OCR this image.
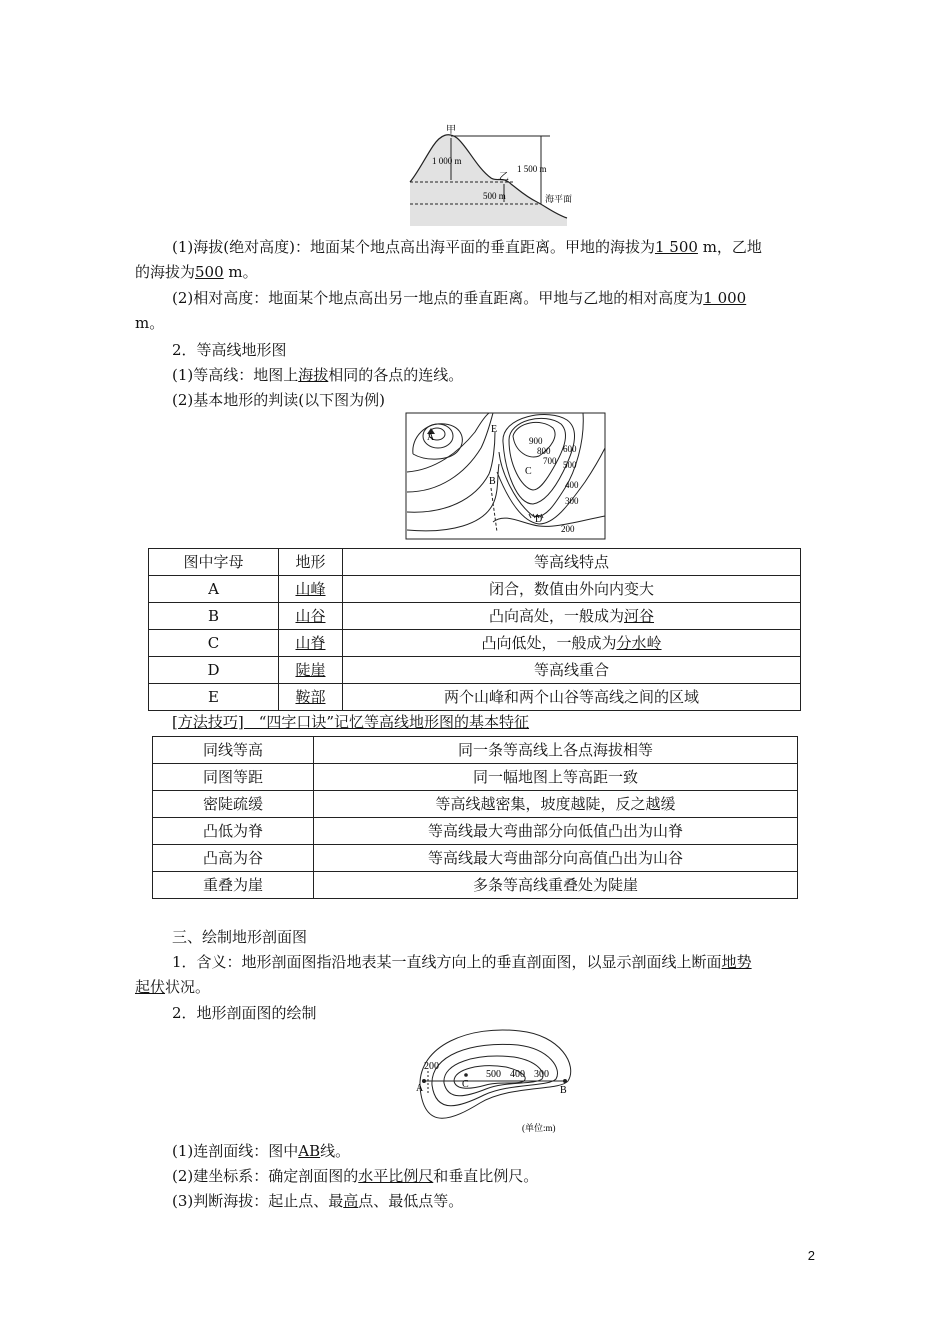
甲
1 000 m
1 500 m
乙
500 m	海平面
(1)海拔(绝对高度)：地面某个地点高出海平面的垂直距离。甲地的海拔为1 500 m，乙地
的海拔为500 m。
(2)相对高度：地面某个地点高出另一地点的垂直距离。甲地与乙地的相对高度为1 000
m。
2．等高线地形图
(1)等高线：地图上海拔相同的各点的连线。
(2)基本地形的判读(以下图为例)
A
B
C
D
E
900
800
700
600
500
400
300
200
图中字母	地形	等高线特点
A	山峰	闭合，数值由外向内变大
B	山谷	凸向高处，一般成为河谷
C	山脊	凸向低处，一般成为分水岭
D	陡崖	等高线重合
E	鞍部	两个山峰和两个山谷等高线之间的区域
[方法技巧]　“四字口诀”记忆等高线地形图的基本特征
同线等高	同一条等高线上各点海拔相等
同图等距	同一幅地图上等高距一致
密陡疏缓	等高线越密集，坡度越陡，反之越缓
凸低为脊	等高线最大弯曲部分向低值凸出为山脊
凸高为谷	等高线最大弯曲部分向高值凸出为山谷
重叠为崖	多条等高线重叠处为陡崖
三、绘制地形剖面图
1．含义：地形剖面图指沿地表某一直线方向上的垂直剖面图，以显示剖面线上断面地势
起伏状况。
2．地形剖面图的绘制
200
500 400 300
A	B
C
(单位:m)
(1)连剖面线：图中AB线。
(2)建坐标系：确定剖面图的水平比例尺和垂直比例尺。
(3)判断海拔：起止点、最高点、最低点等。
2
